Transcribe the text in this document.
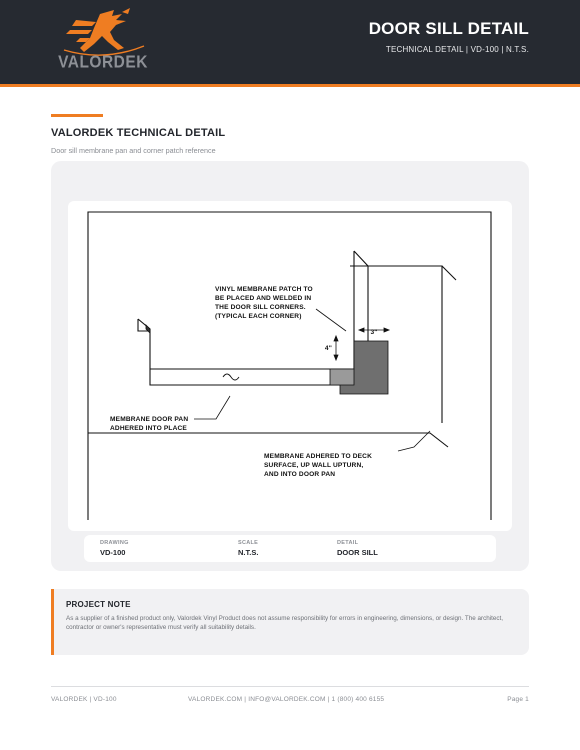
VALORDEK
DOOR SILL DETAIL
TECHNICAL DETAIL | VD-100 | N.T.S.
VALORDEK TECHNICAL DETAIL
Door sill membrane pan and corner patch reference
VINYL MEMBRANE PATCH TO
BE PLACED AND WELDED IN
THE DOOR SILL CORNERS.
(TYPICAL EACH CORNER)
4"
3"
MEMBRANE DOOR PAN
ADHERED INTO PLACE
MEMBRANE ADHERED TO DECK
SURFACE, UP WALL UPTURN,
AND INTO DOOR PAN
DRAWING
VD-100
SCALE
N.T.S.
DETAIL
DOOR SILL
PROJECT NOTE
As a supplier of a finished product only, Valordek Vinyl Product does not assume responsibility for errors in engineering, dimensions, or design. The architect, contractor or owner's representative must verify all suitability details.
VALORDEK | VD-100	VALORDEK.COM | INFO@VALORDEK.COM | 1 (800) 400 6155	Page 1
